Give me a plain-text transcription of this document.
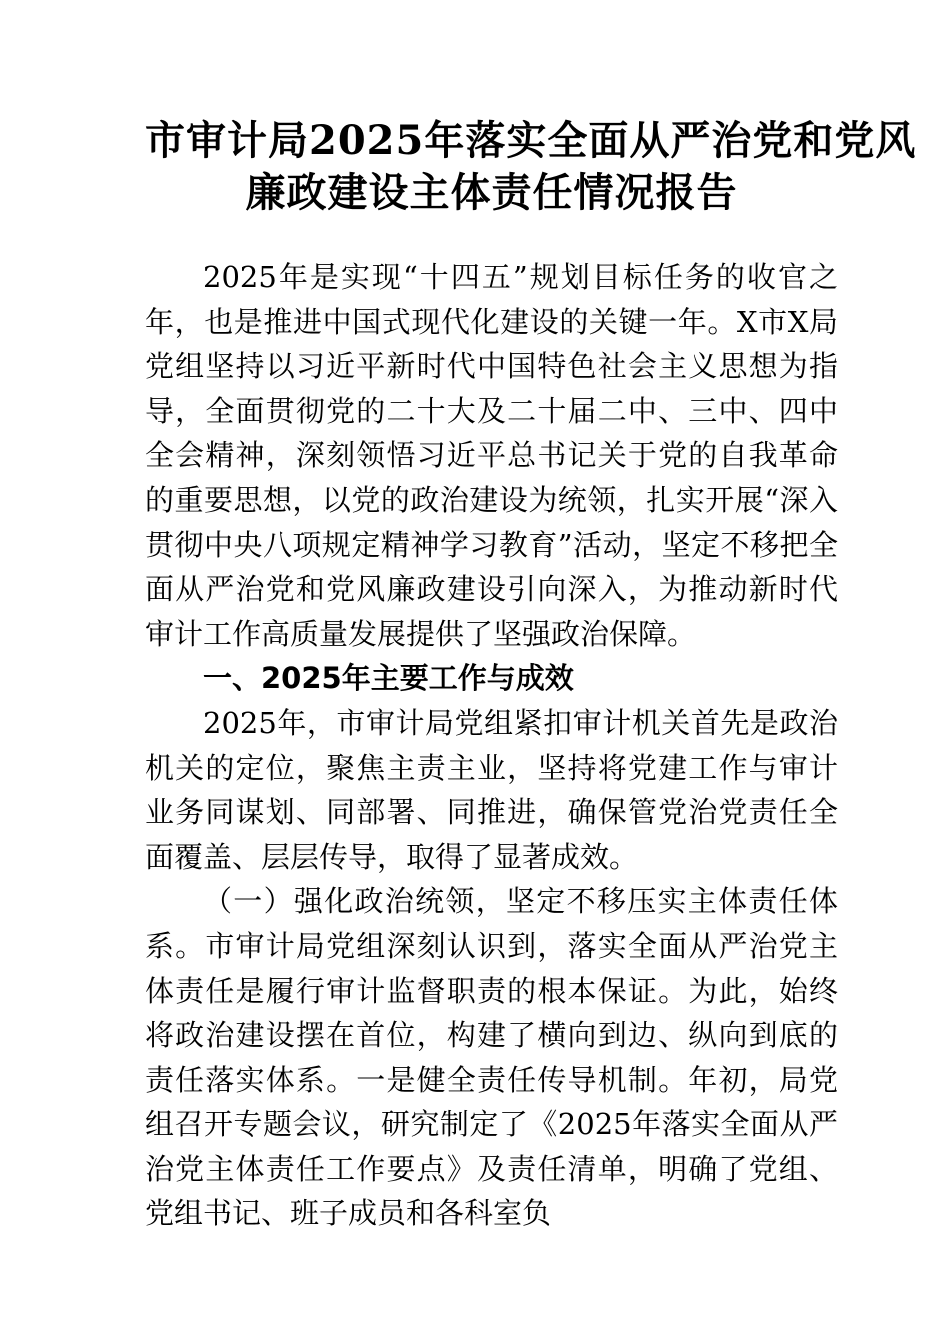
市审计局2025年落实全面从严治党和党风
廉政建设主体责任情况报告

2025年是实现“十四五”规划目标任务的收官之年，也是推进中国式现代化建设的关键一年。X市X局党组坚持以习近平新时代中国特色社会主义思想为指导，全面贯彻党的二十大及二十届二中、三中、四中全会精神，深刻领悟习近平总书记关于党的自我革命的重要思想，以党的政治建设为统领，扎实开展“深入贯彻中央八项规定精神学习教育”活动，坚定不移把全面从严治党和党风廉政建设引向深入，为推动新时代审计工作高质量发展提供了坚强政治保障。

一、2025年主要工作与成效

2025年，市审计局党组紧扣审计机关首先是政治机关的定位，聚焦主责主业，坚持将党建工作与审计业务同谋划、同部署、同推进，确保管党治党责任全面覆盖、层层传导，取得了显著成效。

（一）强化政治统领，坚定不移压实主体责任体系。市审计局党组深刻认识到，落实全面从严治党主体责任是履行审计监督职责的根本保证。为此，始终将政治建设摆在首位，构建了横向到边、纵向到底的责任落实体系。一是健全责任传导机制。年初，局党组召开专题会议，研究制定了《2025年落实全面从严治党主体责任工作要点》及责任清单，明确了党组、党组书记、班子成员和各科室负
